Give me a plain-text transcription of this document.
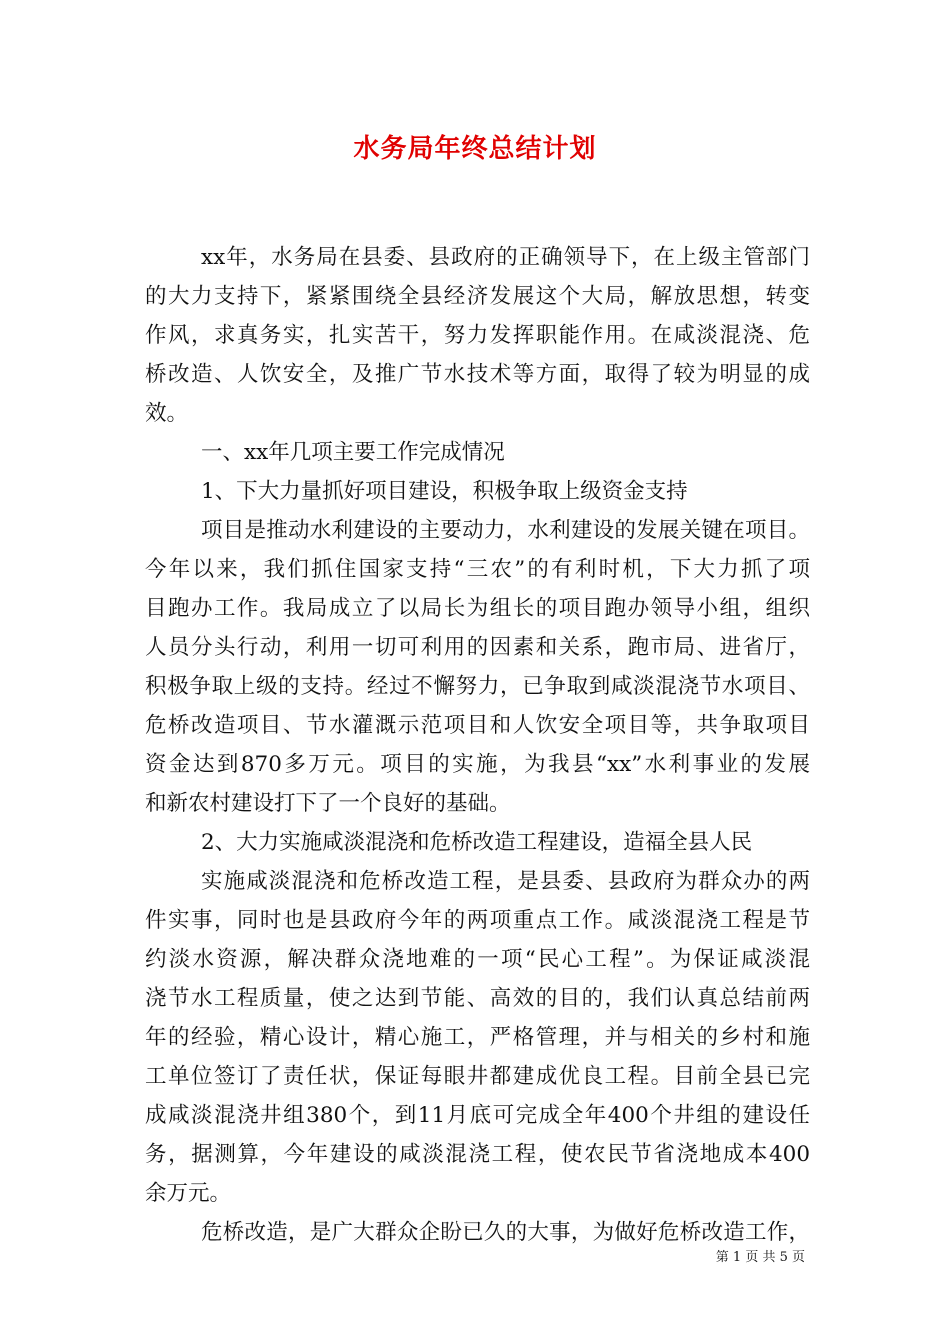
水务局年终总结计划
xx年，水务局在县委、县政府的正确领导下，在上级主管部门
的大力支持下，紧紧围绕全县经济发展这个大局，解放思想，转变
作风，求真务实，扎实苦干，努力发挥职能作用。在咸淡混浇、危
桥改造、人饮安全，及推广节水技术等方面，取得了较为明显的成
效。
一、xx年几项主要工作完成情况
1、下大力量抓好项目建设，积极争取上级资金支持
项目是推动水利建设的主要动力，水利建设的发展关键在项目。
今年以来，我们抓住国家支持“三农”的有利时机，下大力抓了项
目跑办工作。我局成立了以局长为组长的项目跑办领导小组，组织
人员分头行动，利用一切可利用的因素和关系，跑市局、进省厅，
积极争取上级的支持。经过不懈努力，已争取到咸淡混浇节水项目、
危桥改造项目、节水灌溉示范项目和人饮安全项目等，共争取项目
资金达到870多万元。项目的实施，为我县“xx”水利事业的发展
和新农村建设打下了一个良好的基础。
2、大力实施咸淡混浇和危桥改造工程建设，造福全县人民
实施咸淡混浇和危桥改造工程，是县委、县政府为群众办的两
件实事，同时也是县政府今年的两项重点工作。咸淡混浇工程是节
约淡水资源，解决群众浇地难的一项“民心工程”。为保证咸淡混
浇节水工程质量，使之达到节能、高效的目的，我们认真总结前两
年的经验，精心设计，精心施工，严格管理，并与相关的乡村和施
工单位签订了责任状，保证每眼井都建成优良工程。目前全县已完
成咸淡混浇井组380个，到11月底可完成全年400个井组的建设任
务，据测算，今年建设的咸淡混浇工程，使农民节省浇地成本400
余万元。
危桥改造，是广大群众企盼已久的大事，为做好危桥改造工作，
第 1 页 共 5 页
